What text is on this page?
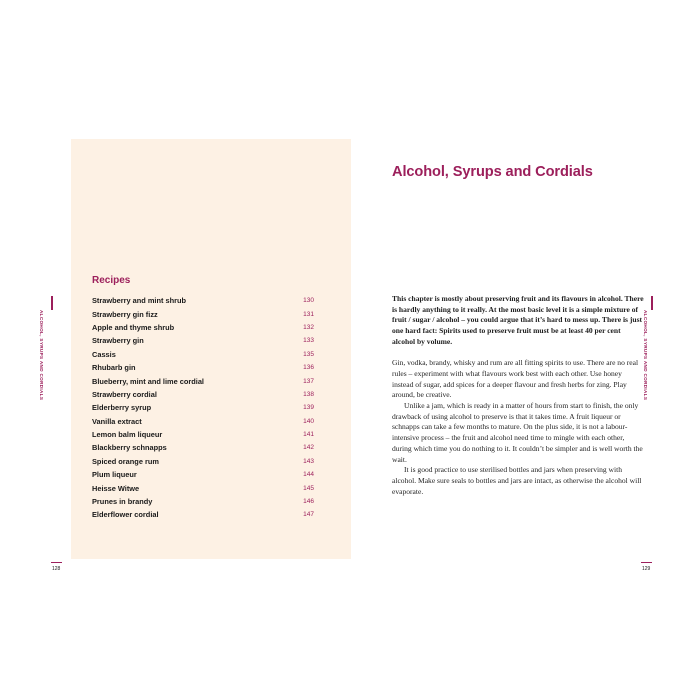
Recipes
Strawberry and mint shrub	130
Strawberry gin fizz	131
Apple and thyme shrub	132
Strawberry gin	133
Cassis	135
Rhubarb gin	136
Blueberry, mint and lime cordial	137
Strawberry cordial	138
Elderberry syrup	139
Vanilla extract	140
Lemon balm liqueur	141
Blackberry schnapps	142
Spiced orange rum	143
Plum liqueur	144
Heisse Witwe	145
Prunes in brandy	146
Elderflower cordial	147
ALCOHOL, SYRUPS AND CORDIALS
128
Alcohol, Syrups and Cordials

This chapter is mostly about preserving fruit and its flavours in alcohol. There is hardly anything to it really. At the most basic level it is a simple mixture of fruit / sugar / alcohol – you could argue that it’s hard to mess up. There is just one hard fact: Spirits used to preserve fruit must be at least 40 per cent alcohol by volume.

Gin, vodka, brandy, whisky and rum are all fitting spirits to use. There are no real rules – experiment with what flavours work best with each other. Use honey instead of sugar, add spices for a deeper flavour and fresh herbs for zing. Play around, be creative.

Unlike a jam, which is ready in a matter of hours from start to finish, the only drawback of using alcohol to preserve is that it takes time. A fruit liqueur or schnapps can take a few months to mature. On the plus side, it is not a labour-intensive process – the fruit and alcohol need time to mingle with each other, during which time you do nothing to it. It couldn’t be simpler and is well worth the wait.

It is good practice to use sterilised bottles and jars when preserving with alcohol. Make sure seals to bottles and jars are intact, as otherwise the alcohol will evaporate.

ALCOHOL, SYRUPS AND CORDIALS
129
